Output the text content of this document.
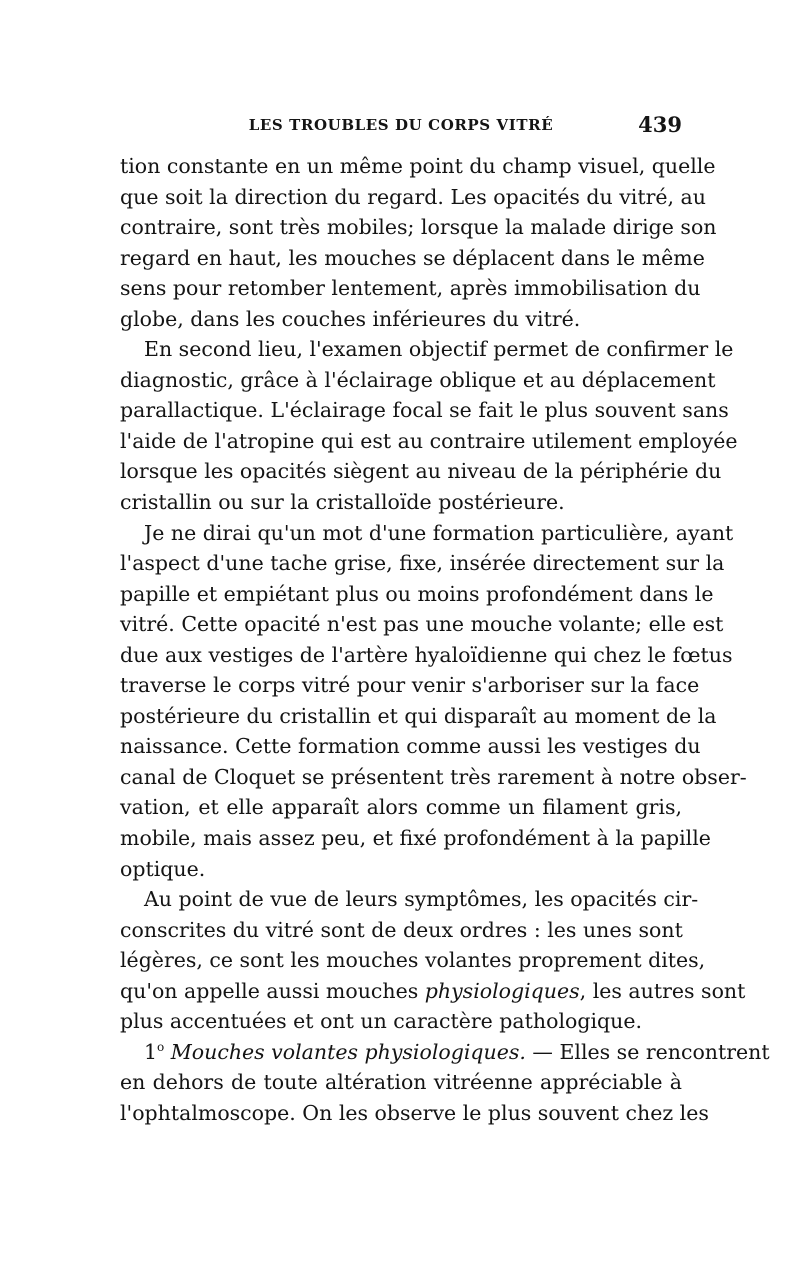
LES TROUBLES DU CORPS VITRÉ	439
tion constante en un même point du champ visuel, quelle
que soit la direction du regard. Les opacités du vitré, au
contraire, sont très mobiles; lorsque la malade dirige son
regard en haut, les mouches se déplacent dans le même
sens pour retomber lentement, après immobilisation du
globe, dans les couches inférieures du vitré.
En second lieu, l'examen objectif permet de confirmer le
diagnostic, grâce à l'éclairage oblique et au déplacement
parallactique. L'éclairage focal se fait le plus souvent sans
l'aide de l'atropine qui est au contraire utilement employée
lorsque les opacités siègent au niveau de la périphérie du
cristallin ou sur la cristalloïde postérieure.
Je ne dirai qu'un mot d'une formation particulière, ayant
l'aspect d'une tache grise, fixe, insérée directement sur la
papille et empiétant plus ou moins profondément dans le
vitré. Cette opacité n'est pas une mouche volante; elle est
due aux vestiges de l'artère hyaloïdienne qui chez le fœtus
traverse le corps vitré pour venir s'arboriser sur la face
postérieure du cristallin et qui disparaît au moment de la
naissance. Cette formation comme aussi les vestiges du
canal de Cloquet se présentent très rarement à notre obser-
vation, et elle apparaît alors comme un filament gris,
mobile, mais assez peu, et fixé profondément à la papille
optique.
Au point de vue de leurs symptômes, les opacités cir-
conscrites du vitré sont de deux ordres : les unes sont
légères, ce sont les mouches volantes proprement dites,
qu'on appelle aussi mouches physiologiques, les autres sont
plus accentuées et ont un caractère pathologique.
1$^o$ Mouches volantes physiologiques. — Elles se rencontrent
en dehors de toute altération vitréenne appréciable à
l'ophtalmoscope. On les observe le plus souvent chez les
